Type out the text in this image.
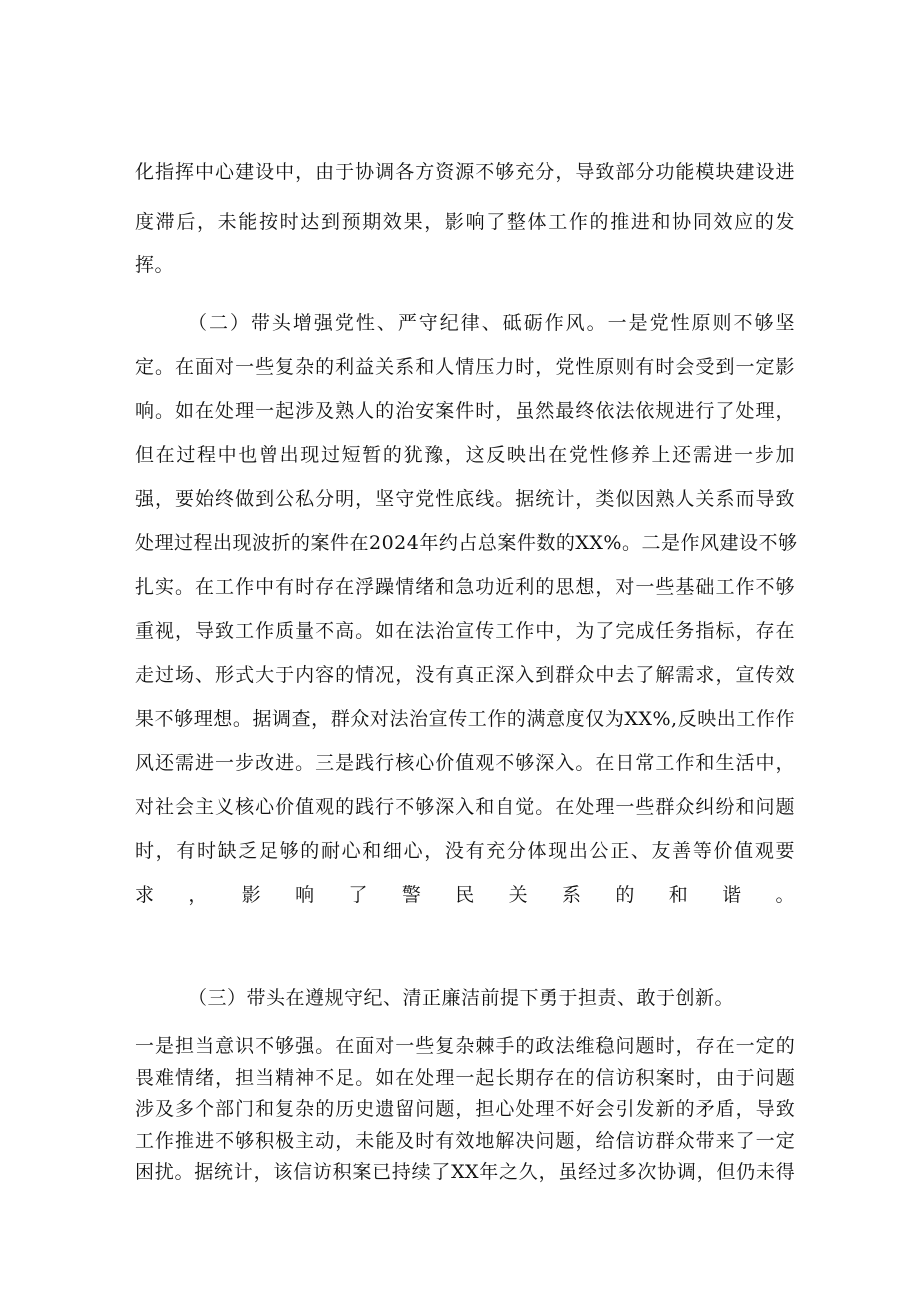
化指挥中心建设中，由于协调各方资源不够充分，导致部分功能模块建设进
度滞后，未能按时达到预期效果，影响了整体工作的推进和协同效应的发
挥。
（二）带头增强党性、严守纪律、砥砺作风。一是党性原则不够坚
定。在面对一些复杂的利益关系和人情压力时，党性原则有时会受到一定影
响。如在处理一起涉及熟人的治安案件时，虽然最终依法依规进行了处理，
但在过程中也曾出现过短暂的犹豫，这反映出在党性修养上还需进一步加
强，要始终做到公私分明，坚守党性底线。据统计，类似因熟人关系而导致
处理过程出现波折的案件在2024年约占总案件数的XX%。二是作风建设不够
扎实。在工作中有时存在浮躁情绪和急功近利的思想，对一些基础工作不够
重视，导致工作质量不高。如在法治宣传工作中，为了完成任务指标，存在
走过场、形式大于内容的情况，没有真正深入到群众中去了解需求，宣传效
果不够理想。据调查，群众对法治宣传工作的满意度仅为XX%,反映出工作作
风还需进一步改进。三是践行核心价值观不够深入。在日常工作和生活中，
对社会主义核心价值观的践行不够深入和自觉。在处理一些群众纠纷和问题
时，有时缺乏足够的耐心和细心，没有充分体现出公正、友善等价值观要
求，影响了警民关系的和谐。
（三）带头在遵规守纪、清正廉洁前提下勇于担责、敢于创新。
一是担当意识不够强。在面对一些复杂棘手的政法维稳问题时，存在一定的
畏难情绪，担当精神不足。如在处理一起长期存在的信访积案时，由于问题
涉及多个部门和复杂的历史遗留问题，担心处理不好会引发新的矛盾，导致
工作推进不够积极主动，未能及时有效地解决问题，给信访群众带来了一定
困扰。据统计，该信访积案已持续了XX年之久，虽经过多次协调，但仍未得
